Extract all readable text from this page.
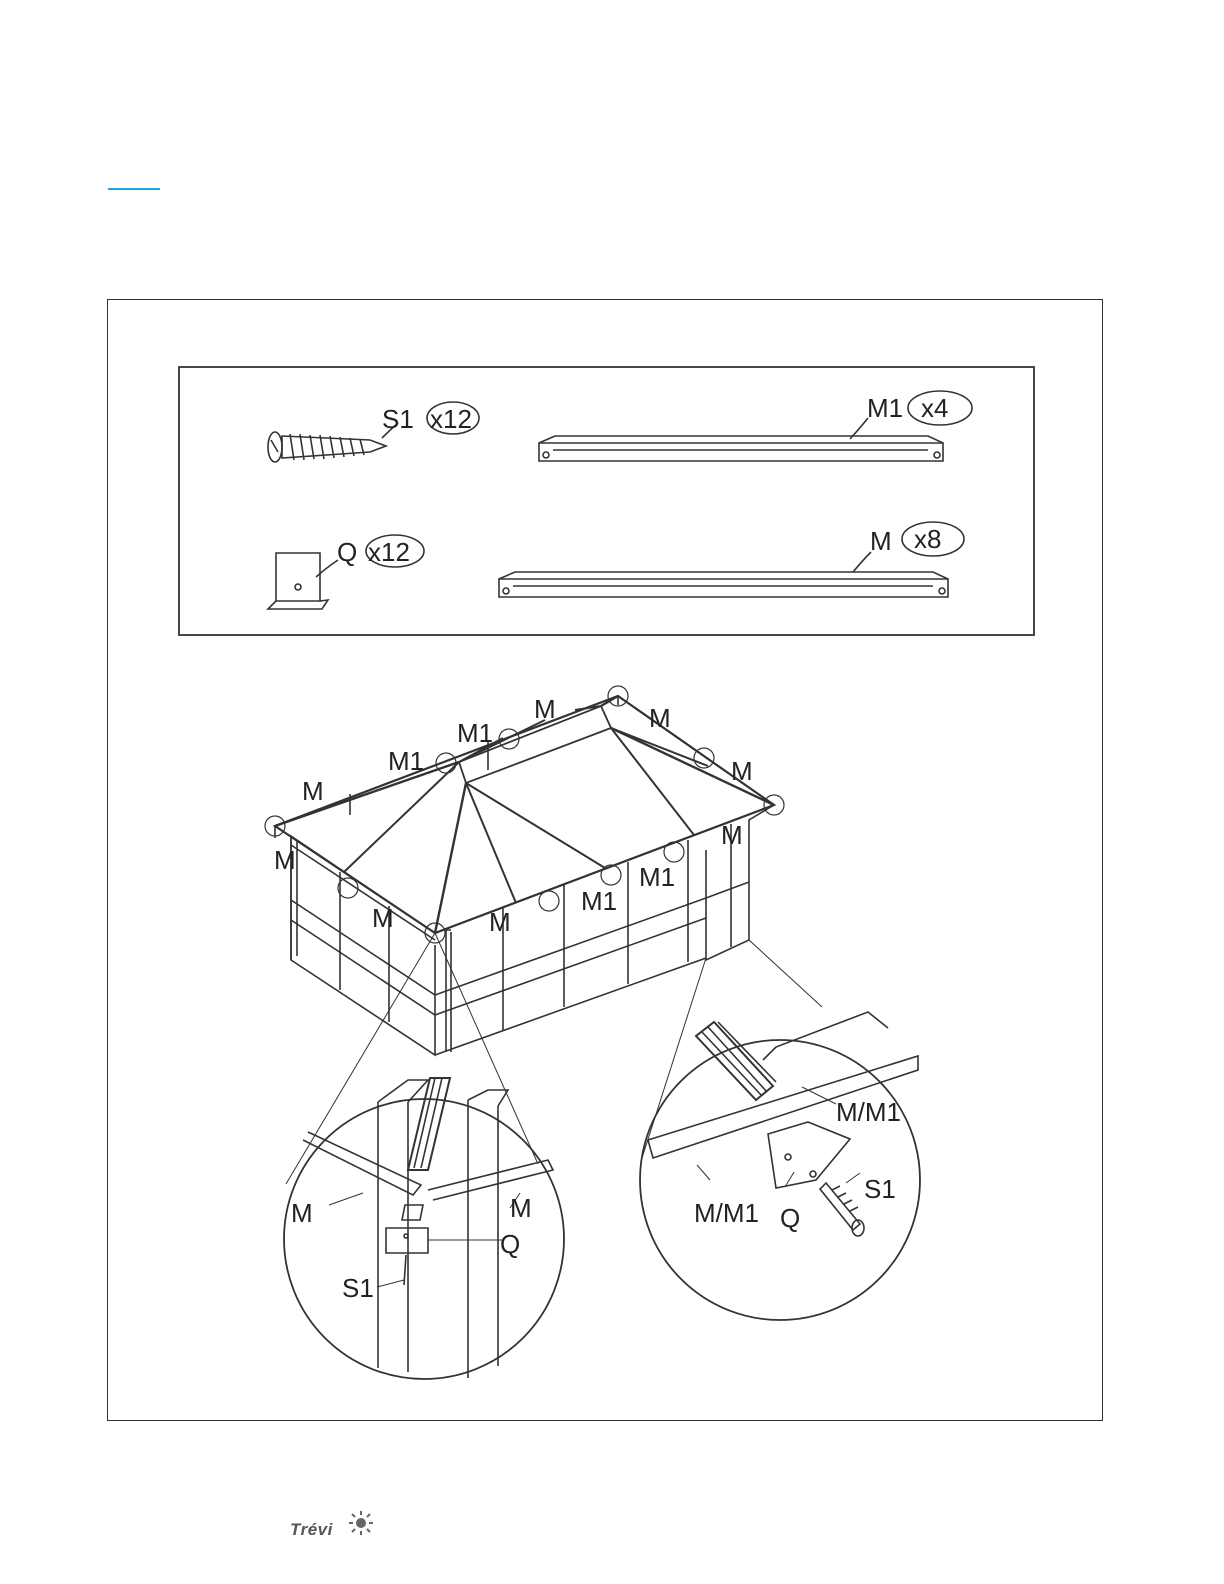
S1 x12
Q x12
M1 x4
M x8
M	M
M1
M1
M
M
M
M
M1
M1
M	M
M	M
Q
S1
M/M1
M/M1 Q
S1
Trévi
